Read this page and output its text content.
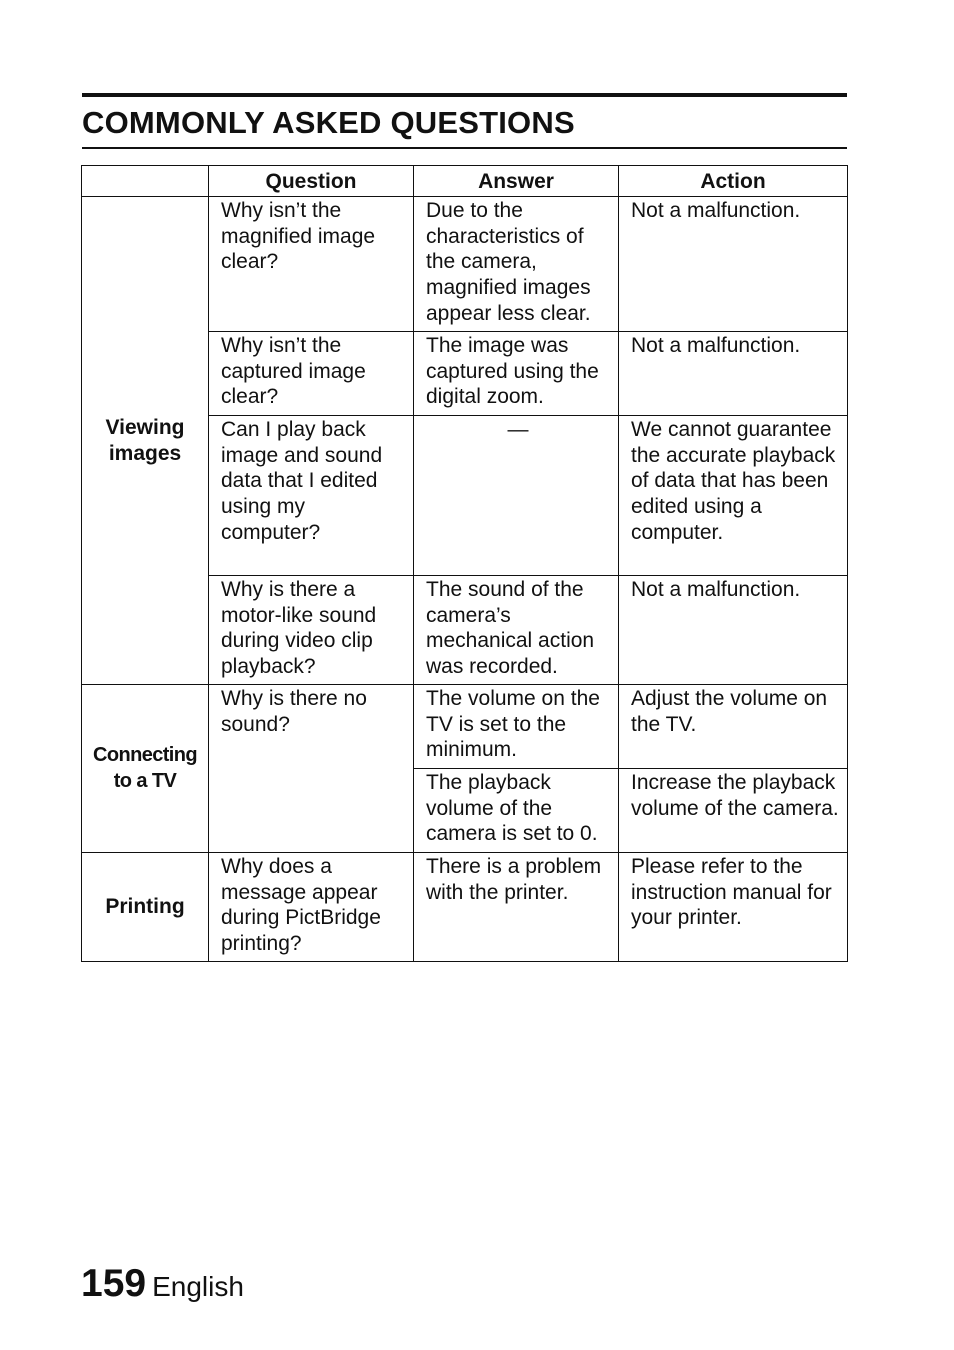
COMMONLY ASKED QUESTIONS
	Question	Answer	Action
Viewing images	Why isn’t the magnified image clear?	Due to the characteristics of the camera, magnified images appear less clear.	Not a malfunction.
	Why isn’t the captured image clear?	The image was captured using the digital zoom.	Not a malfunction.
	Can I play back image and sound data that I edited using my computer?	—	We cannot guarantee the accurate playback of data that has been edited using a computer.
	Why is there a motor-like sound during video clip playback?	The sound of the camera’s mechanical action was recorded.	Not a malfunction.
Connecting to a TV	Why is there no sound?	The volume on the TV is set to the minimum.	Adjust the volume on the TV.
		The playback volume of the camera is set to 0.	Increase the playback volume of the camera.
Printing	Why does a message appear during PictBridge printing?	There is a problem with the printer.	Please refer to the instruction manual for your printer.
159 English
